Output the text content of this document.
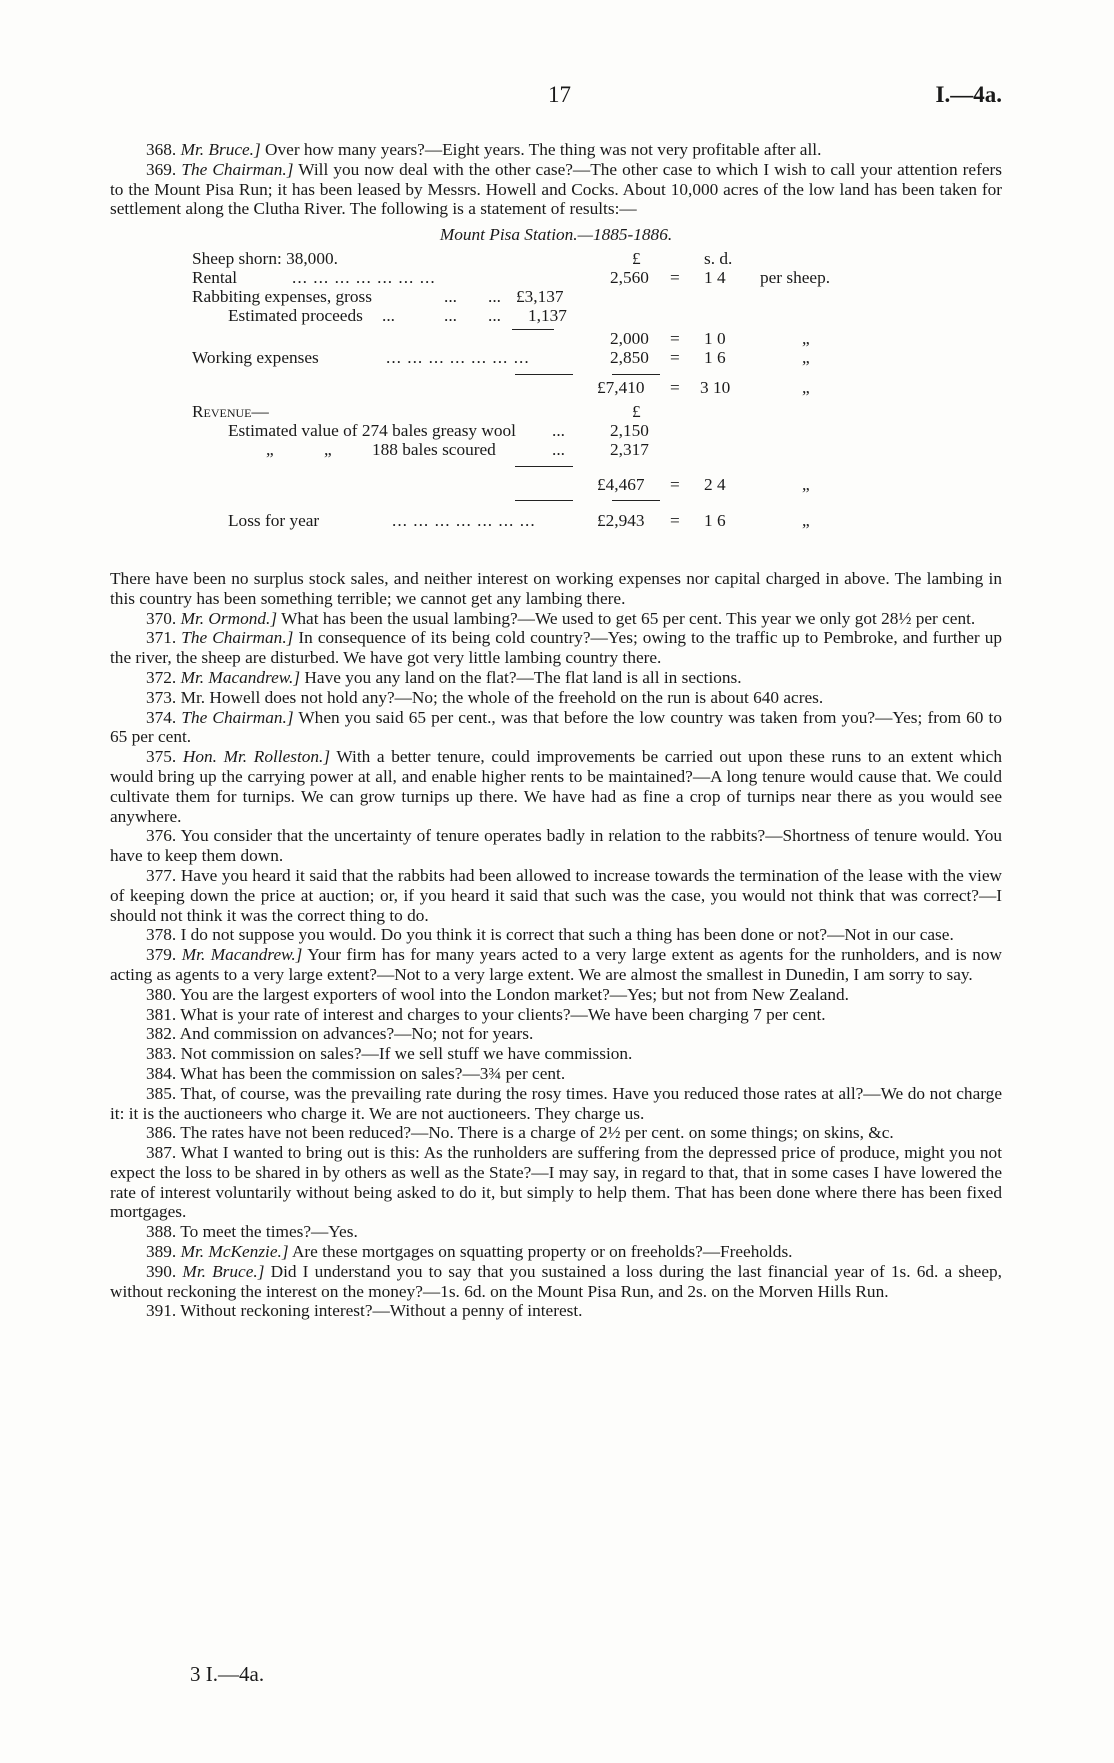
17	I.—4a.

368. Mr. Bruce.] Over how many years?—Eight years. The thing was not very profitable after all.

369. The Chairman.] Will you now deal with the other case?—The other case to which I wish to call your attention refers to the Mount Pisa Run; it has been leased by Messrs. Howell and Cocks. About 10,000 acres of the low land has been taken for settlement along the Clutha River. The following is a statement of results:—

Mount Pisa Station.—1885-1886.
Sheep shorn: 38,000.	£	s. d.
Rental	... ... ... ... ... ... ...	2,560 = 1 4 per sheep.
Rabbiting expenses, gross	... ... £3,137
Estimated proceeds ...	... ... 1,137
2,000 = 1 0	„
Working expenses	... ... ... ... ... ... ...	2,850 = 1 6	„
£7,410 = 3 10	„
Revenue—	£
Estimated value of 274 bales greasy wool ...	2,150
„	„ 188 bales scoured	...	2,317
£4,467 = 2 4	„
Loss for year	... ... ... ... ... ... ...	£2,943 = 1 6	„

There have been no surplus stock sales, and neither interest on working expenses nor capital charged in above. The lambing in this country has been something terrible; we cannot get any lambing there.

370. Mr. Ormond.] What has been the usual lambing?—We used to get 65 per cent. This year we only got 28½ per cent.

371. The Chairman.] In consequence of its being cold country?—Yes; owing to the traffic up to Pembroke, and further up the river, the sheep are disturbed. We have got very little lambing country there.

372. Mr. Macandrew.] Have you any land on the flat?—The flat land is all in sections.

373. Mr. Howell does not hold any?—No; the whole of the freehold on the run is about 640 acres.

374. The Chairman.] When you said 65 per cent., was that before the low country was taken from you?—Yes; from 60 to 65 per cent.

375. Hon. Mr. Rolleston.] With a better tenure, could improvements be carried out upon these runs to an extent which would bring up the carrying power at all, and enable higher rents to be maintained?—A long tenure would cause that. We could cultivate them for turnips. We can grow turnips up there. We have had as fine a crop of turnips near there as you would see anywhere.

376. You consider that the uncertainty of tenure operates badly in relation to the rabbits?—Shortness of tenure would. You have to keep them down.

377. Have you heard it said that the rabbits had been allowed to increase towards the termination of the lease with the view of keeping down the price at auction; or, if you heard it said that such was the case, you would not think that was correct?—I should not think it was the correct thing to do.

378. I do not suppose you would. Do you think it is correct that such a thing has been done or not?—Not in our case.

379. Mr. Macandrew.] Your firm has for many years acted to a very large extent as agents for the runholders, and is now acting as agents to a very large extent?—Not to a very large extent. We are almost the smallest in Dunedin, I am sorry to say.

380. You are the largest exporters of wool into the London market?—Yes; but not from New Zealand.

381. What is your rate of interest and charges to your clients?—We have been charging 7 per cent.

382. And commission on advances?—No; not for years.

383. Not commission on sales?—If we sell stuff we have commission.

384. What has been the commission on sales?—3¾ per cent.

385. That, of course, was the prevailing rate during the rosy times. Have you reduced those rates at all?—We do not charge it: it is the auctioneers who charge it. We are not auctioneers. They charge us.

386. The rates have not been reduced?—No. There is a charge of 2½ per cent. on some things; on skins, &c.

387. What I wanted to bring out is this: As the runholders are suffering from the depressed price of produce, might you not expect the loss to be shared in by others as well as the State?—I may say, in regard to that, that in some cases I have lowered the rate of interest voluntarily without being asked to do it, but simply to help them. That has been done where there has been fixed mortgages.

388. To meet the times?—Yes.

389. Mr. McKenzie.] Are these mortgages on squatting property or on freeholds?—Freeholds.

390. Mr. Bruce.] Did I understand you to say that you sustained a loss during the last financial year of 1s. 6d. a sheep, without reckoning the interest on the money?—1s. 6d. on the Mount Pisa Run, and 2s. on the Morven Hills Run.

391. Without reckoning interest?—Without a penny of interest.

3 I.—4a.
